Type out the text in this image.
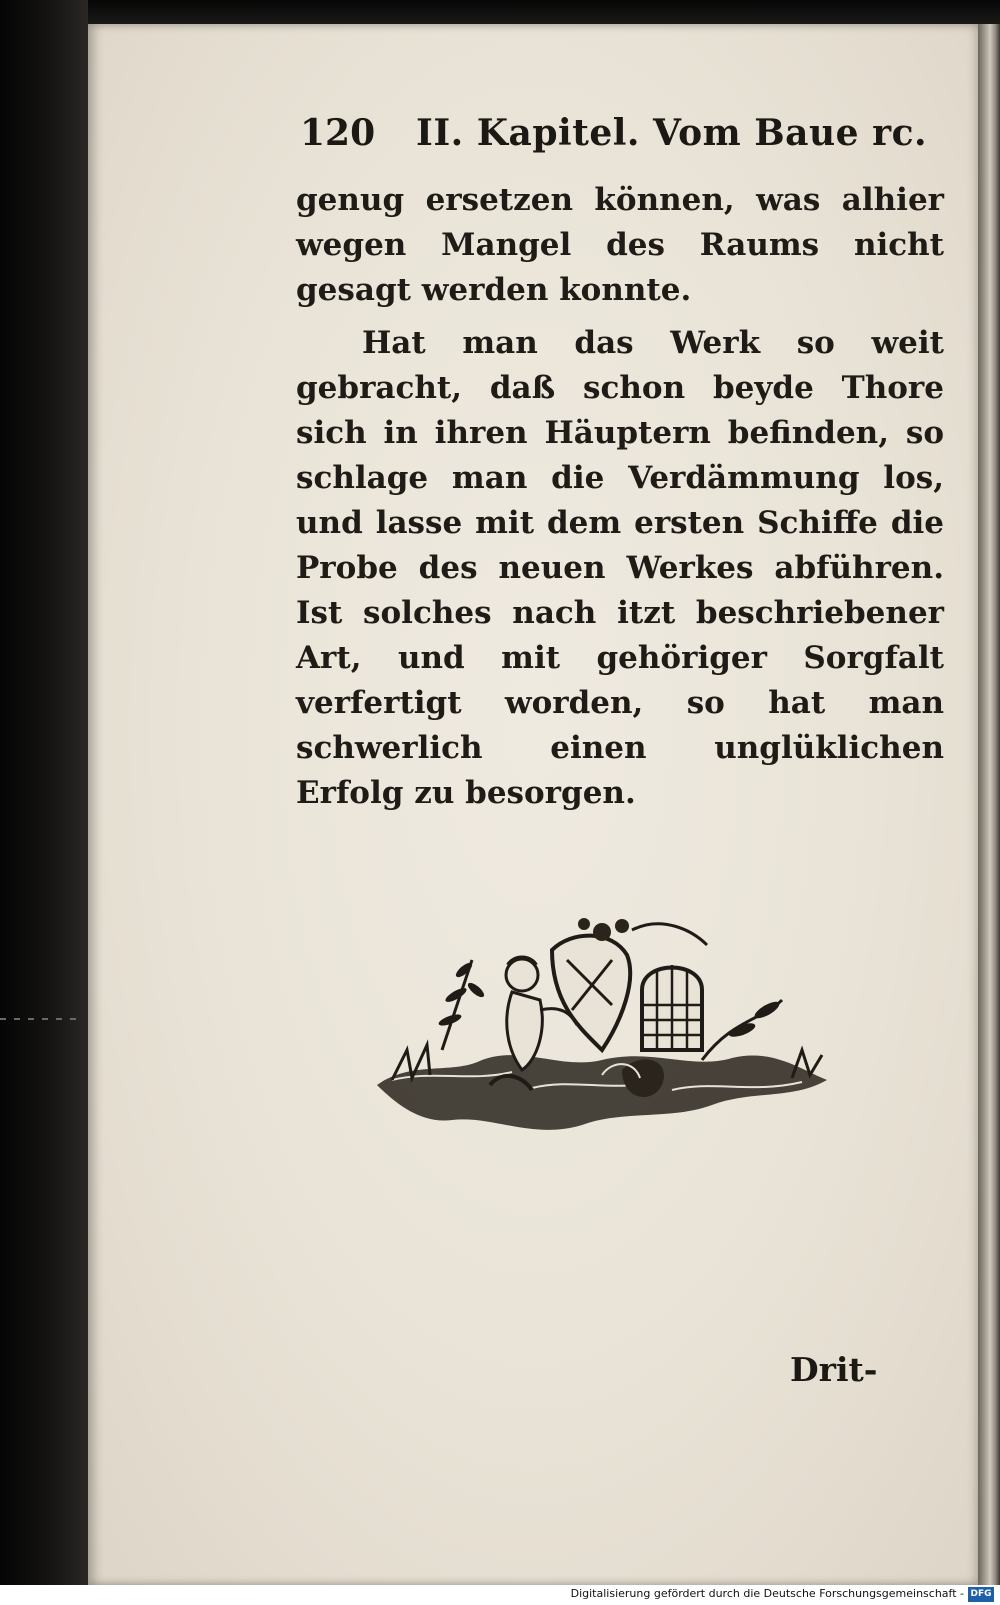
120 II. Kapitel. Vom Baue rc.

genug ersetzen können, was alhier wegen Mangel des Raums nicht gesagt werden konnte.

Hat man das Werk so weit gebracht, daß schon beyde Thore sich in ihren Häuptern befinden, so schlage man die Verdämmung los, und lasse mit dem ersten Schiffe die Probe des neuen Werkes abführen. Ist solches nach itzt beschriebener Art, und mit gehöriger Sorgfalt verfertigt worden, so hat man schwerlich einen unglüklichen Erfolg zu besorgen.

Drit-
Digitalisierung gefördert durch die Deutsche Forschungsgemeinschaft - DFG
